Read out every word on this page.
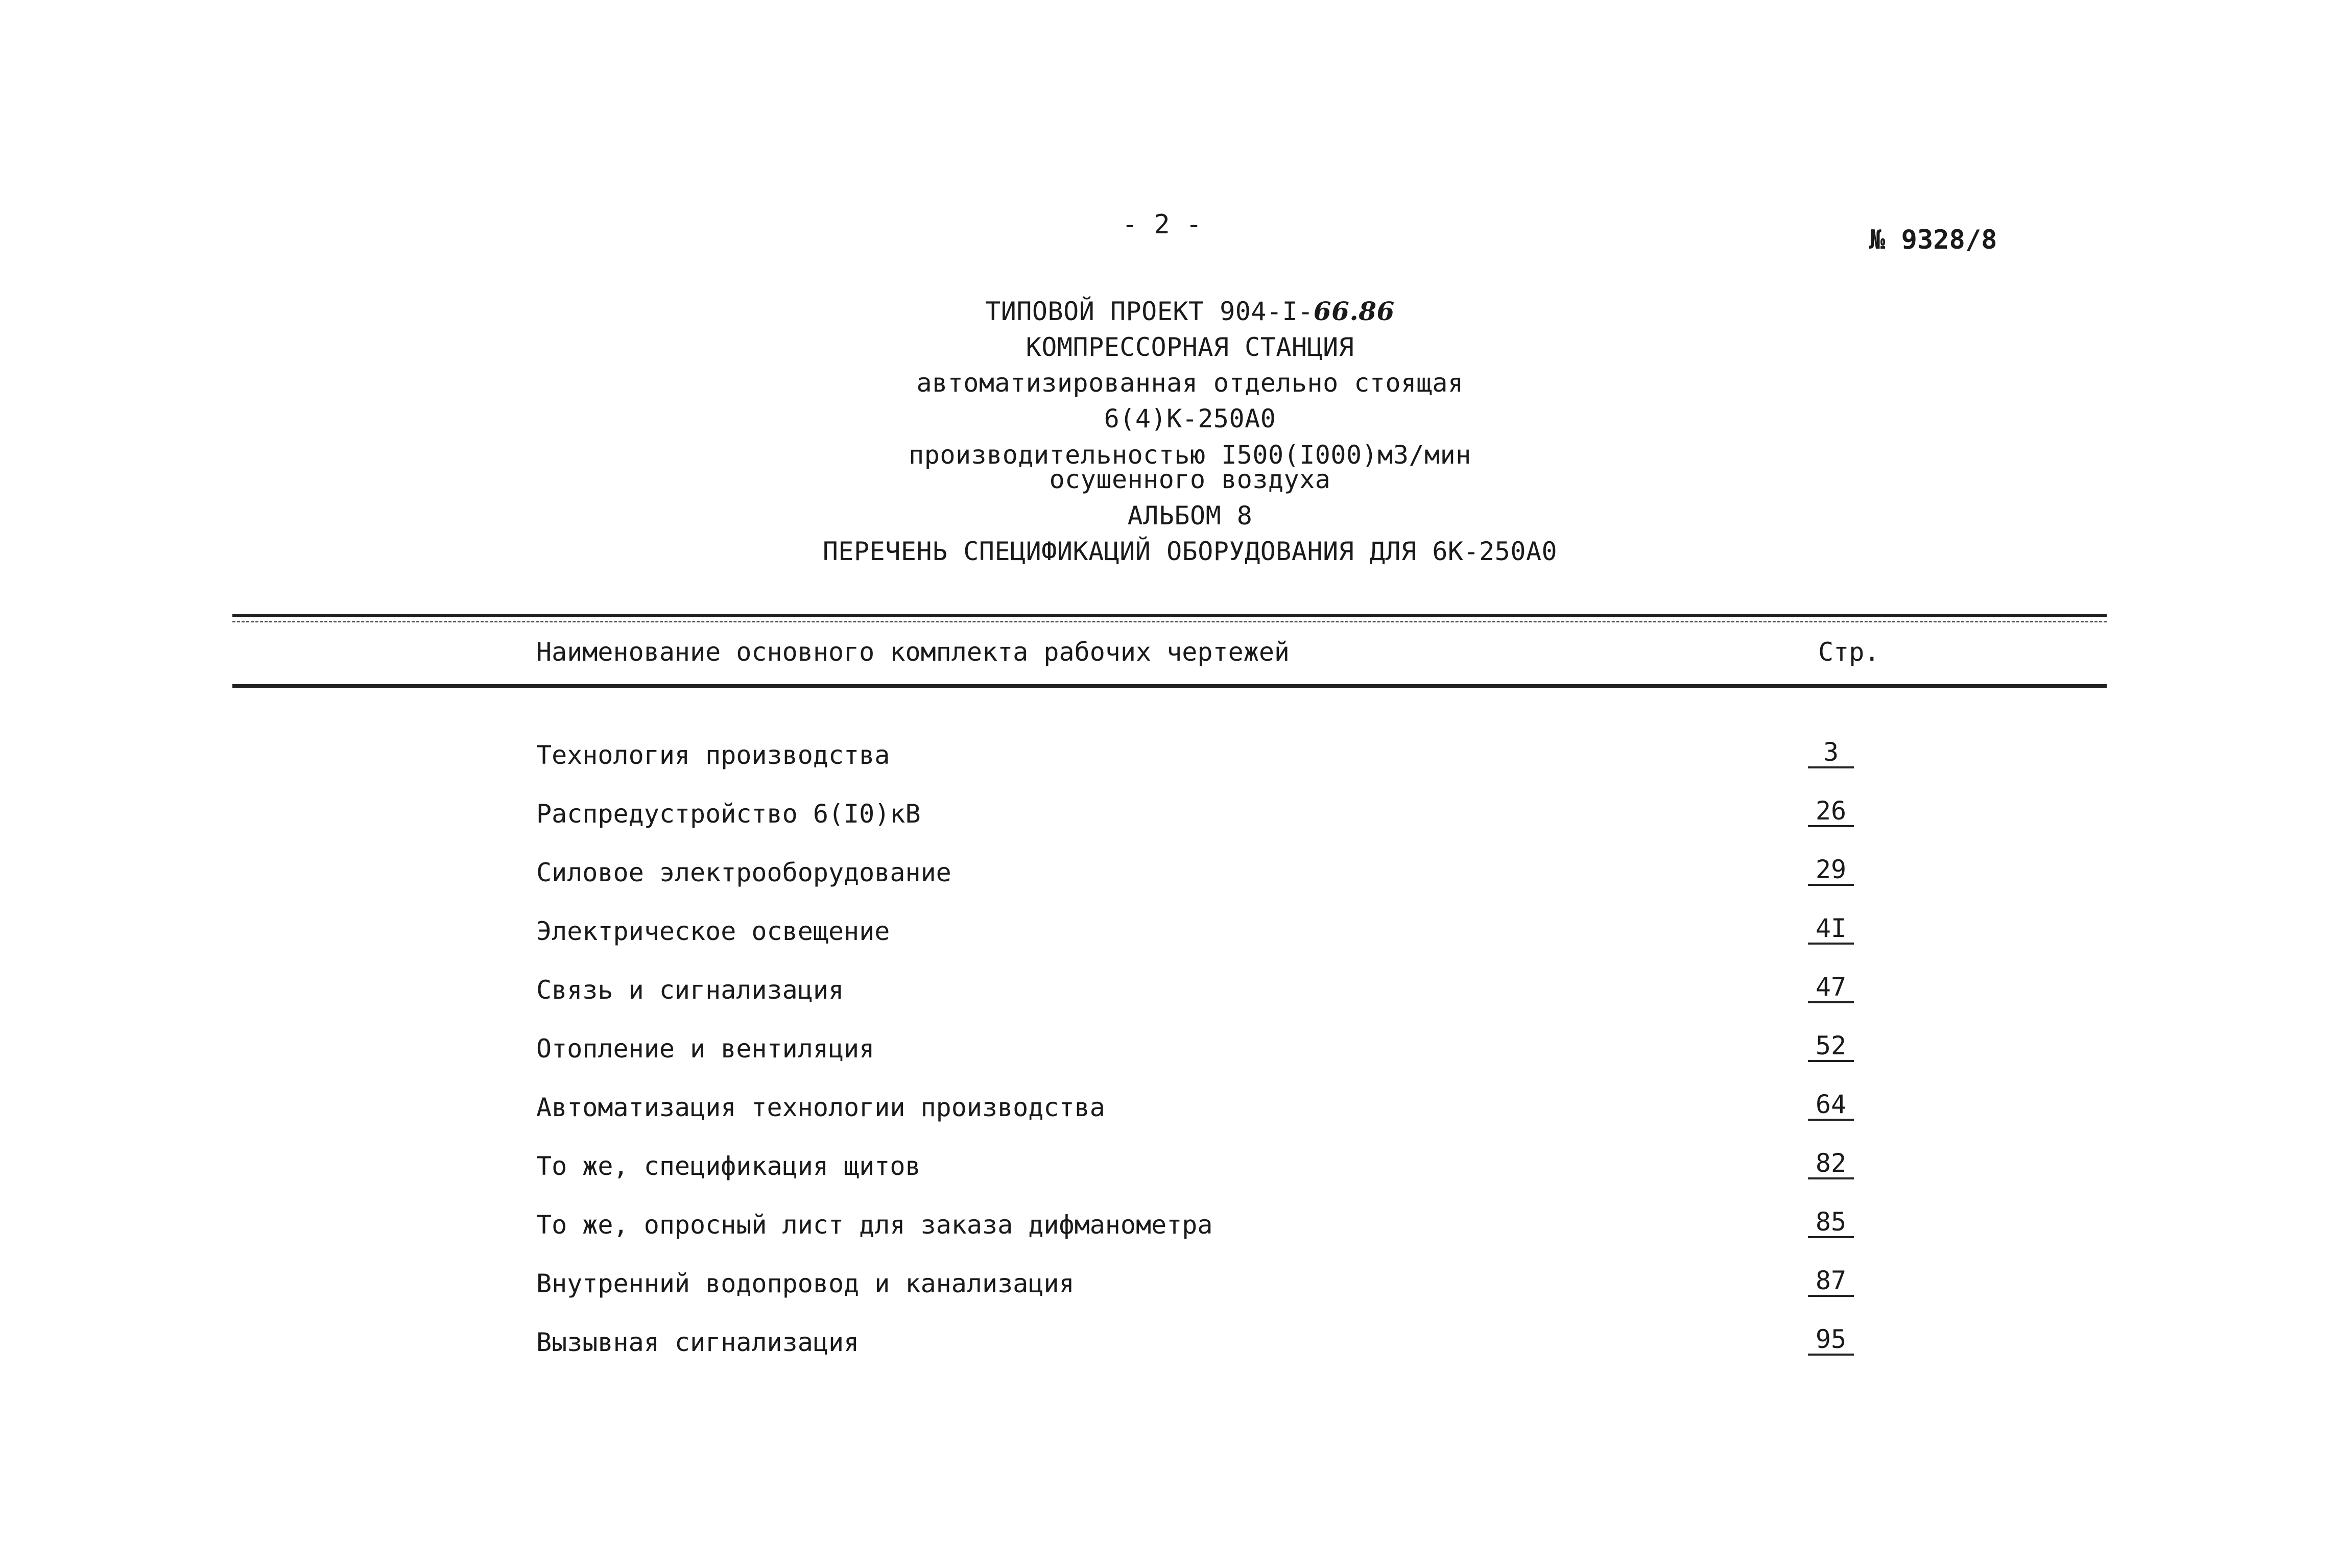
- 2 -	№ 9328/8
ТИПОВОЙ ПРОЕКТ 904-I-66.86
КОМПРЕССОРНАЯ СТАНЦИЯ
автоматизированная отдельно стоящая
6(4)К-250А0
производительностью I500(I000)м3/мин
осушенного воздуха
АЛЬБОМ 8
ПЕРЕЧЕНЬ СПЕЦИФИКАЦИЙ ОБОРУДОВАНИЯ ДЛЯ 6К-250А0
Наименование основного комплекта рабочих чертежей	Стр.
Технология производства	3
Распредустройство 6(I0)кВ	26
Силовое электрооборудование	29
Электрическое освещение	4I
Связь и сигнализация	47
Отопление и вентиляция	52
Автоматизация технологии производства	64
То же, спецификация щитов	82
То же, опросный лист для заказа дифманометра	85
Внутренний водопровод и канализация	87
Вызывная сигнализация	95
